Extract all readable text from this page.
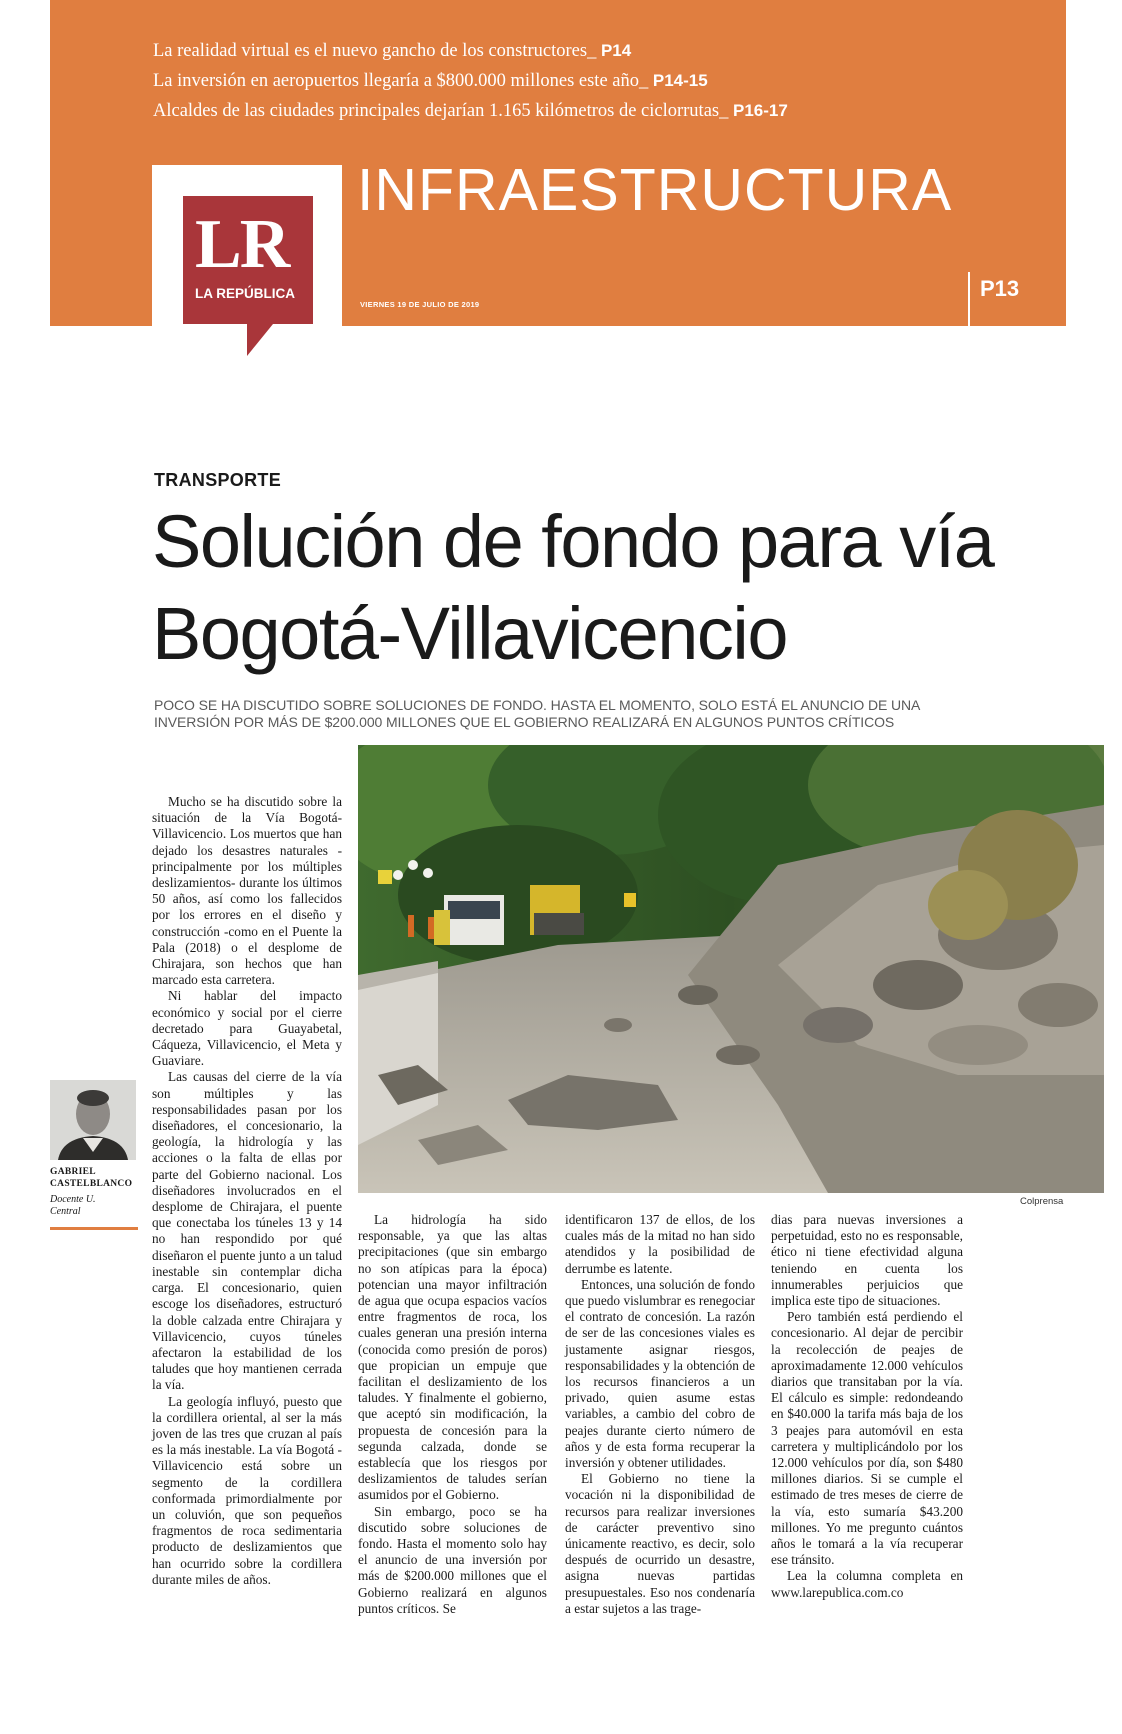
La realidad virtual es el nuevo gancho de los constructores_ P14
La inversión en aeropuertos llegaría a $800.000 millones este año_ P14-15
Alcaldes de las ciudades principales dejarían 1.165 kilómetros de ciclorrutas_ P16-17
LR
LA REPÚBLICA
INFRAESTRUCTURA
VIERNES 19 DE JULIO DE 2019
P13
TRANSPORTE
Solución de fondo para vía Bogotá-Villavicencio
POCO SE HA DISCUTIDO SOBRE SOLUCIONES DE FONDO. HASTA EL MOMENTO, SOLO ESTÁ EL ANUNCIO DE UNA INVERSIÓN POR MÁS DE $200.000 MILLONES QUE EL GOBIERNO REALIZARÁ EN ALGUNOS PUNTOS CRÍTICOS
Colprensa
GABRIEL
CASTELBLANCO
Docente U.
Central

Mucho se ha discutido sobre la situación de la Vía Bogotá-Villavicencio. Los muertos que han dejado los desastres naturales -principalmente por los múltiples deslizamientos- durante los últimos 50 años, así como los fallecidos por los errores en el diseño y construcción -como en el Puente la Pala (2018) o el desplome de Chirajara, son hechos que han marcado esta carretera.

Ni hablar del impacto económico y social por el cierre decretado para Guayabetal, Cáqueza, Villavicencio, el Meta y Guaviare.

Las causas del cierre de la vía son múltiples y las responsabilidades pasan por los diseñadores, el concesionario, la geología, la hidrología y las acciones o la falta de ellas por parte del Gobierno nacional. Los diseñadores involucrados en el desplome de Chirajara, el puente que conectaba los túneles 13 y 14 no han respondido por qué diseñaron el puente junto a un talud inestable sin contemplar dicha carga. El concesionario, quien escoge los diseñadores, estructuró la doble calzada entre Chirajara y Villavicencio, cuyos túneles afectaron la estabilidad de los taludes que hoy mantienen cerrada la vía.

La geología influyó, puesto que la cordillera oriental, al ser la más joven de las tres que cruzan al país es la más inestable. La vía Bogotá - Villavicencio está sobre un segmento de la cordillera conformada primordialmente por un coluvión, que son pequeños fragmentos de roca sedimentaria producto de deslizamientos que han ocurrido sobre la cordillera durante miles de años.

La hidrología ha sido responsable, ya que las altas precipitaciones (que sin embargo no son atípicas para la época) potencian una mayor infiltración de agua que ocupa espacios vacíos entre fragmentos de roca, los cuales generan una presión interna (conocida como presión de poros) que propician un empuje que facilitan el deslizamiento de los taludes. Y finalmente el gobierno, que aceptó sin modificación, la propuesta de concesión para la segunda calzada, donde se establecía que los riesgos por deslizamientos de taludes serían asumidos por el Gobierno.

Sin embargo, poco se ha discutido sobre soluciones de fondo. Hasta el momento solo hay el anuncio de una inversión por más de $200.000 millones que el Gobierno realizará en algunos puntos críticos. Se

identificaron 137 de ellos, de los cuales más de la mitad no han sido atendidos y la posibilidad de derrumbe es latente.

Entonces, una solución de fondo que puedo vislumbrar es renegociar el contrato de concesión. La razón de ser de las concesiones viales es justamente asignar riesgos, responsabilidades y la obtención de los recursos financieros a un privado, quien asume estas variables, a cambio del cobro de peajes durante cierto número de años y de esta forma recuperar la inversión y obtener utilidades.

El Gobierno no tiene la vocación ni la disponibilidad de recursos para realizar inversiones de carácter preventivo sino únicamente reactivo, es decir, solo después de ocurrido un desastre, asigna nuevas partidas presupuestales. Eso nos condenaría a estar sujetos a las trage-

dias para nuevas inversiones a perpetuidad, esto no es responsable, ético ni tiene efectividad alguna teniendo en cuenta los innumerables perjuicios que implica este tipo de situaciones.

Pero también está perdiendo el concesionario. Al dejar de percibir la recolección de peajes de aproximadamente 12.000 vehículos diarios que transitaban por la vía. El cálculo es simple: redondeando en $40.000 la tarifa más baja de los 3 peajes para automóvil en esta carretera y multiplicándolo por los 12.000 vehículos por día, son $480 millones diarios. Si se cumple el estimado de tres meses de cierre de la vía, esto sumaría $43.200 millones. Yo me pregunto cuántos años le tomará a la vía recuperar ese tránsito.

Lea la columna completa en www.larepublica.com.co
